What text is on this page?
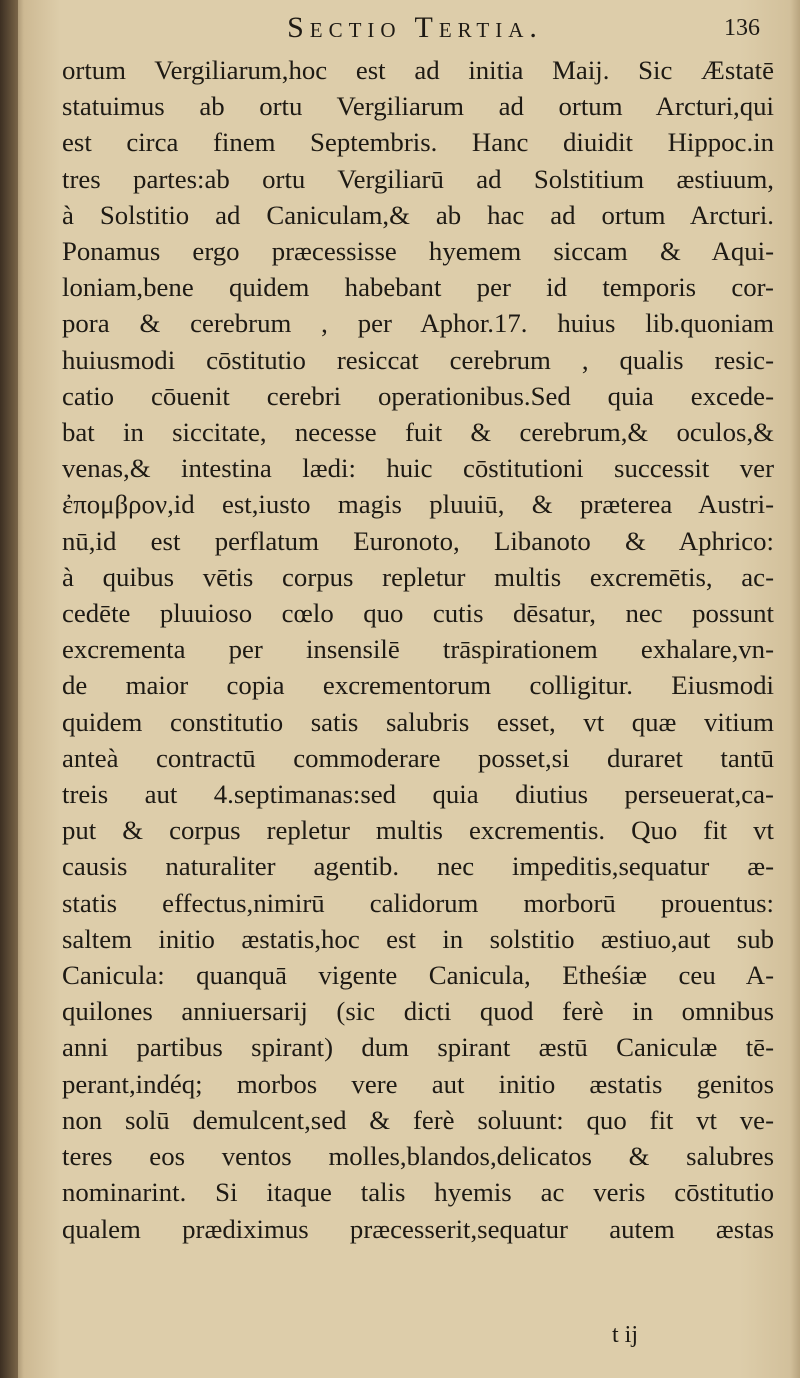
Sectio Tertia.	136
ortum Vergiliarum,hoc est ad initia Maij. Sic Æstatē
statuimus ab ortu Vergiliarum ad ortum Arcturi,qui
est circa finem Septembris. Hanc diuidit Hippoc.in
tres partes:ab ortu Vergiliarū ad Solstitium æstiuum,
à Solstitio ad Caniculam,& ab hac ad ortum Arcturi.
Ponamus ergo præcessisse hyemem siccam & Aqui-
loniam,bene quidem habebant per id temporis cor-
pora & cerebrum , per Aphor.17. huius lib.quoniam
huiusmodi cōstitutio resiccat cerebrum , qualis resic-
catio cōuenit cerebri operationibus.Sed quia excede-
bat in siccitate, necesse fuit & cerebrum,& oculos,&
venas,& intestina lædi: huic cōstitutioni successit ver
ἐπομβρον,id est,iusto magis pluuiū, & præterea Austri-
nū,id est perflatum Euronoto, Libanoto & Aphrico:
à quibus vētis corpus repletur multis excremētis, ac-
cedēte pluuioso cœlo quo cutis dēsatur, nec possunt
excrementa per insensilē trāspirationem exhalare,vn-
de maior copia excrementorum colligitur. Eiusmodi
quidem constitutio satis salubris esset, vt quæ vitium
anteà contractū commoderare posset,si duraret tantū
treis aut 4.septimanas:sed quia diutius perseuerat,ca-
put & corpus repletur multis excrementis. Quo fit vt
causis naturaliter agentib. nec impeditis,sequatur æ-
statis effectus,nimirū calidorum morborū prouentus:
saltem initio æstatis,hoc est in solstitio æstiuo,aut sub
Canicula: quanquā vigente Canicula, Etheśiæ ceu A-
quilones anniuersarij (sic dicti quod ferè in omnibus
anni partibus spirant) dum spirant æstū Caniculæ tē-
perant,indéq; morbos vere aut initio æstatis genitos
non solū demulcent,sed & ferè soluunt: quo fit vt ve-
teres eos ventos molles,blandos,delicatos & salubres
nominarint. Si itaque talis hyemis ac veris cōstitutio
qualem prædiximus præcesserit,sequatur autem æstas
t ij
